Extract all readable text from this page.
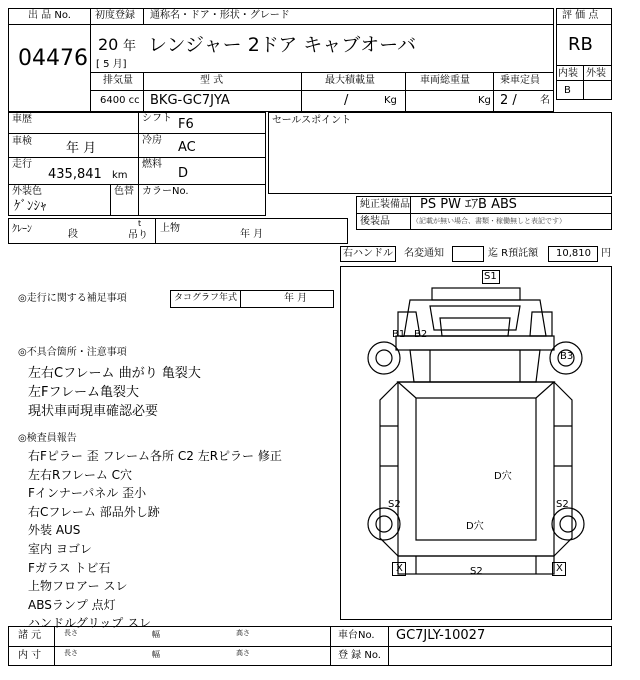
出 品 No.
04476
初度登録 通称名・ドア・形状・グレード
20 年
[ 5 月]
レンジャー 2ドア キャブオーバ
排気量	型 式	最大積載量	車両総重量	乗車定員
6400 cc BKG-GC7JYA	/	Kg	Kg 2 / 名
評 価 点
RB
内装 外装
B
車歴	シフト F6
車検	年 月
冷房 AC
走行
435,841 km
燃料
D
外装色
ｹﾞﾝｼｬ
色替 カラーNo.
セールスポイント
純正装備品 PS PW ｴｱB ABS
後装品	（記載が無い場合、書類・稼働無しと表記です）
ｸﾚｰﾝ	段
t
吊り
上物
年 月
右ハンドル 名変通知	迄 R預託額 10,810 円
◎走行に関する補足事項	タコグラフ年式	年 月
◎不具合箇所・注意事項
左右Cフレーム 曲がり 亀裂大
左Fフレーム亀裂大
現状車両現車確認必要
◎検査員報告
右Fピラー 歪 フレーム各所 C2 左Rピラー 修正
左右Rフレーム C穴
Fインナーパネル 歪小
右Cフレーム 部品外し跡
外装 AUS
室内 ヨゴレ
Fガラス トビ石
上物フロアー スレ
ABSランプ 点灯
ハンドルグリップ スレ
S1
B1 B2
B3
D穴
S2
D穴
S2
X	S2	X
諸 元	長さ	幅	高さ
内 寸	長さ	幅	高さ
車台No. GC7JLY-10027
登 録 No.
